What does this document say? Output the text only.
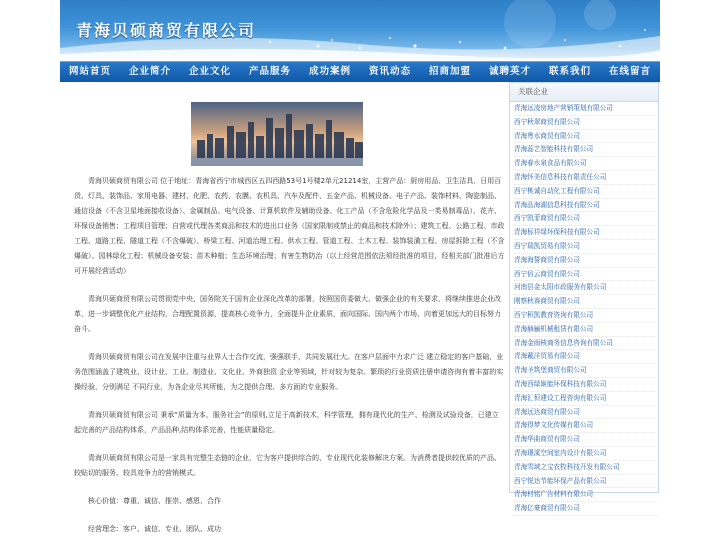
青海贝硕商贸有限公司
网站首页	企业简介	企业文化	产品服务	成功案例	资讯动态	招商加盟	诚聘英才	联系我们	在线留言

青海贝硕商贸有限公司 位于地址：青海省西宁市城西区五四西路53号1号楼2单元21214室，主营产品：厨房用品、卫生洁具、日用百货、灯具、装饰品、家用电器、建材、化肥、农药、农膜、农机具、汽车及配件、五金产品、机械设备、电子产品、装饰材料、陶瓷制品、通信设备（不含卫星地面接收设备）、金属制品、电气设备、计算机软件及辅助设备、化工产品（不含危险化学品及一类易制毒品）、花卉、环保设备销售；工程项目管理；自营或代理各类商品和技术的进出口业务（国家限制或禁止的商品和技术除外）；建筑工程、公路工程、市政工程、道路工程、隧道工程（不含爆破）、桥梁工程、河道治理工程、供水工程、管道工程、土木工程、装饰装潢工程、房屋拆除工程（不含爆破）、园林绿化工程；机械设备安装；苗木种植；生态环境治理；有害生物防治（以上经营范围依法须经批准的项目，经相关部门批准后方可开展经营活动）

青海贝硕商贸有限公司贯彻党中央、国务院关于国有企业深化改革的部署，按照国资委做大、做强企业的有关要求，将继续推进企业改革，进一步调整优化产业结构，合理配置资源，提高核心竞争力，全面提升企业素质，面向国际、国内两个市场，向着更加远大的目标努力奋斗。

青海贝硕商贸有限公司在发展中注重与业界人士合作交流，强强联手，共同发展壮大。在客户层面中力求广泛 建立稳定的客户基础，业务范围涵盖了建筑业、设计业、工业、制造业、文化业、外商独资 企业等领域，针对较为复杂、繁琐的行业资质注册申请咨询有着丰富的实操经验，分别满足 不同行业，为各企业尽其所能，为之提供合理、多方面的专业服务。

青海贝硕商贸有限公司 秉承“质量为本，服务社会”的原则,立足于高新技术，科学管理，拥有现代化的生产、检测及试验设备，已建立起完善的产品结构体系，产品品种,结构体系完善，性能质量稳定。

青海贝硕商贸有限公司是一家具有完整生态链的企业，它为客户提供综合的、专业现代化装修解决方案。为消费者提供较优质的产品、较贴切的服务、较具竞争力的营销模式。

核心价值：尊重、诚信、推崇、感恩、合作

经营理念：客户、诚信、专业、团队、成功

关联企业
青海远凌房地产营销策划有限公司
西宁秋翠商贸有限公司
青海粤水商贸有限公司
青海蕊艺智能科技有限公司
青海春水泉食品有限公司
青海怀美信息科技有限责任公司
西宁桃诚自动化工程有限公司
青海品海湖信息科技有限公司
西宁凯菲商贸有限公司
青海标祥绿环保科技有限公司
西宁瑞凯贸易有限公司
青海海誓商贸有限公司
西宁倍云商贸有限公司
河南县金太阳市政服务有限公司
刚察秋赛商贸有限公司
西宁积凯教育咨询有限公司
青海赫骊机械租赁有限公司
青海金雨核商务信息咨询有限公司
青海戴洋贸易有限公司
青海圣筑堡商贸有限公司
青海西绿姬能环保科技有限公司
青海汇恒建设工程咨询有限公司
青海远达商贸有限公司
青海得梦文化传媒有限公司
青海华曲商贸有限公司
青海璟溪空间室内设计有限公司
青海雪域之宝农牧科技开发有限公司
西宁悦达节能环保产品有限公司
青海材铭广告材料有限公司
青海亿豪商贸有限公司
